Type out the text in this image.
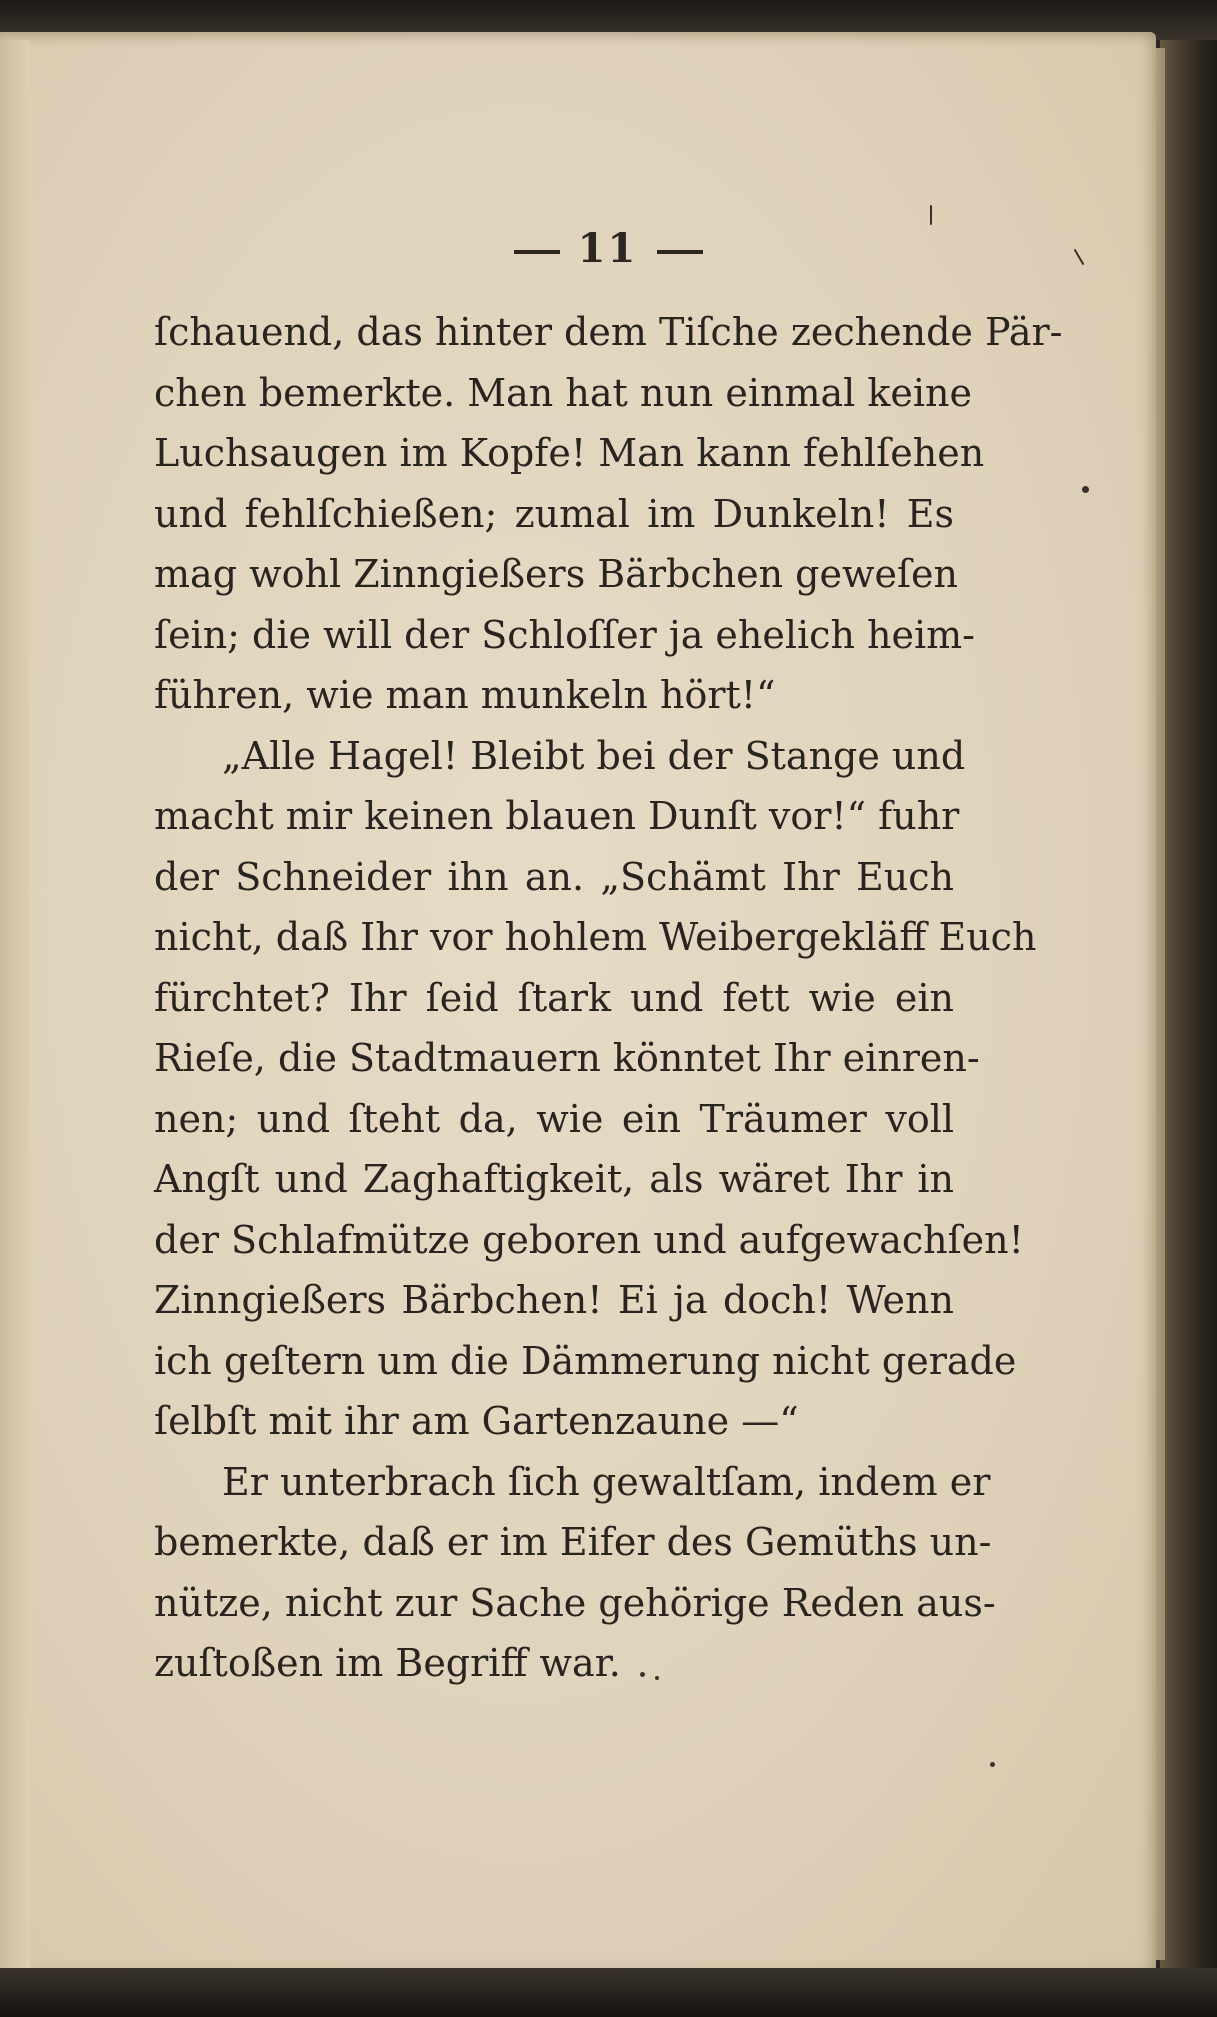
11
ſchauend, das hinter dem Tiſche zechende Pär-
chen bemerkte. Man hat nun einmal keine
Luchsaugen im Kopfe! Man kann fehlſehen
und fehlſchießen; zumal im Dunkeln! Es
mag wohl Zinngießers Bärbchen geweſen
ſein; die will der Schloſſer ja ehelich heim-
führen, wie man munkeln hört!“
„Alle Hagel! Bleibt bei der Stange und
macht mir keinen blauen Dunſt vor!“ fuhr
der Schneider ihn an. „Schämt Ihr Euch
nicht, daß Ihr vor hohlem Weibergekläff Euch
fürchtet? Ihr ſeid ſtark und fett wie ein
Rieſe, die Stadtmauern könntet Ihr einren-
nen; und ſteht da, wie ein Träumer voll
Angſt und Zaghaftigkeit, als wäret Ihr in
der Schlafmütze geboren und aufgewachſen!
Zinngießers Bärbchen! Ei ja doch! Wenn
ich geſtern um die Dämmerung nicht gerade
ſelbſt mit ihr am Gartenzaune —“
Er unterbrach ſich gewaltſam, indem er
bemerkte, daß er im Eifer des Gemüths un-
nütze, nicht zur Sache gehörige Reden aus-
zuſtoßen im Begriff war.
